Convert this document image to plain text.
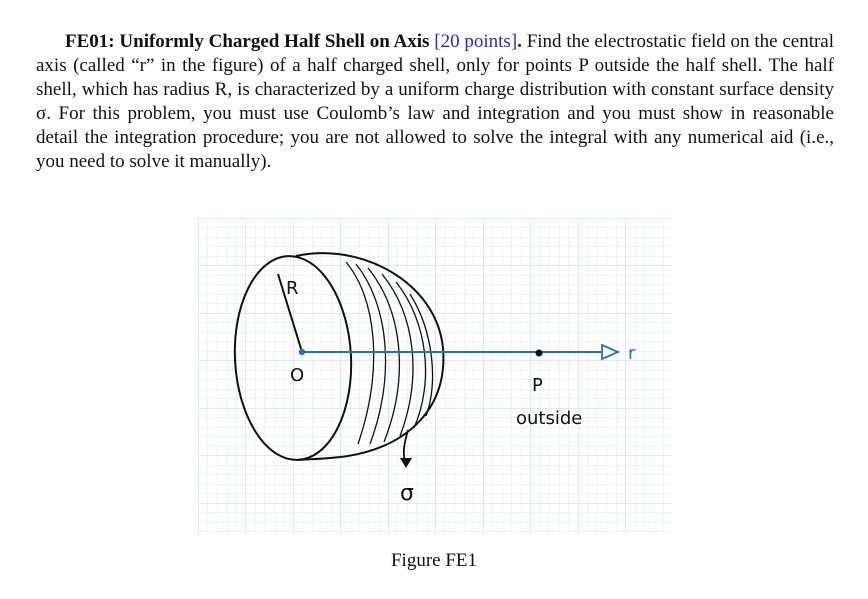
FE01: Uniformly Charged Half Shell on Axis [20 points]. Find the electrostatic field on the central axis (called “r” in the figure) of a half charged shell, only for points P outside the half shell. The half shell, which has radius R, is characterized by a uniform charge distribution with constant surface density σ. For this problem, you must use Coulomb’s law and integration and you must show in reasonable detail the integration procedure; you are not allowed to solve the integral with any numerical aid (i.e., you need to solve it manually).

R
O
r
P
outside
σ
Figure FE1
